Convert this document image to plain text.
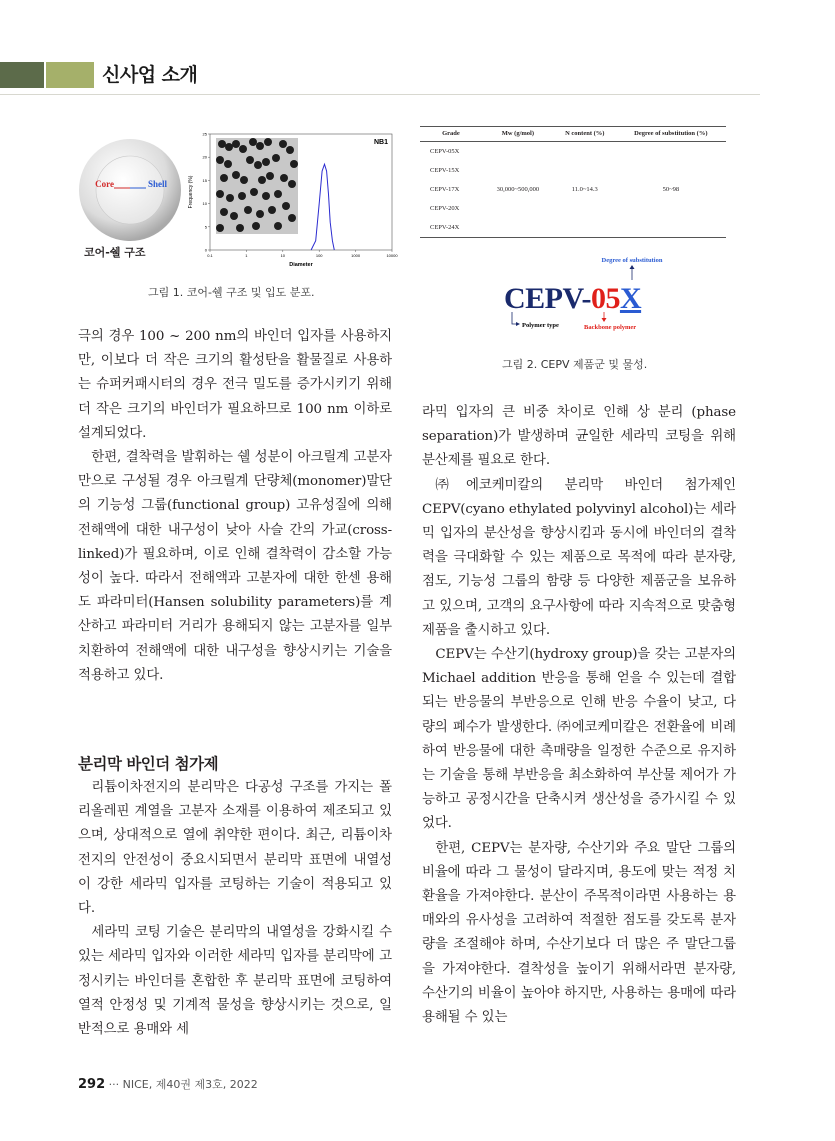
신사업 소개
Core	Shell
코어-쉘 구조
NB1
0.1	1	10	100	1000	10000
0
5
10
15
20
25
Diameter
Frequency (%)
그림 1. 코어-쉘 구조 및 입도 분포.
Grade	Mw (g/mol)	N content (%)	Degree of substitution (%)
CEPV-05X			
CEPV-15X			
CEPV-17X	30,000~500,000	11.0~14.3	50~98
CEPV-20X			
CEPV-24X			
Degree of substitution
CEPV-05X
Polymer type	Backbone polymer
그림 2. CEPV 제품군 및 물성.

극의 경우 100 ~ 200 nm의 바인더 입자를 사용하지만, 이보다 더 작은 크기의 활성탄을 활물질로 사용하는 슈퍼커패시터의 경우 전극 밀도를 증가시키기 위해 더 작은 크기의 바인더가 필요하므로 100 nm 이하로 설계되었다.

한편, 결착력을 발휘하는 쉘 성분이 아크릴계 고분자만으로 구성될 경우 아크릴계 단량체(monomer)말단의 기능성 그룹(functional group) 고유성질에 의해 전해액에 대한 내구성이 낮아 사슬 간의 가교(cross-linked)가 필요하며, 이로 인해 결착력이 감소할 가능성이 높다. 따라서 전해액과 고분자에 대한 한센 용해도 파라미터(Hansen solubility parameters)를 계산하고 파라미터 거리가 용해되지 않는 고분자를 일부 치환하여 전해액에 대한 내구성을 향상시키는 기술을 적용하고 있다.

분리막 바인더 첨가제

리튬이차전지의 분리막은 다공성 구조를 가지는 폴리올레핀 계열을 고분자 소재를 이용하여 제조되고 있으며, 상대적으로 열에 취약한 편이다. 최근, 리튬이차전지의 안전성이 중요시되면서 분리막 표면에 내열성이 강한 세라믹 입자를 코팅하는 기술이 적용되고 있다.

세라믹 코팅 기술은 분리막의 내열성을 강화시킬 수 있는 세라믹 입자와 이러한 세라믹 입자를 분리막에 고정시키는 바인더를 혼합한 후 분리막 표면에 코팅하여 열적 안정성 및 기계적 물성을 향상시키는 것으로, 일반적으로 용매와 세

라믹 입자의 큰 비중 차이로 인해 상 분리 (phase separation)가 발생하며 균일한 세라믹 코팅을 위해 분산제를 필요로 한다.

㈜에코케미칼의 분리막 바인더 첨가제인 CEPV(cyano ethylated polyvinyl alcohol)는 세라믹 입자의 분산성을 향상시킴과 동시에 바인더의 결착력을 극대화할 수 있는 제품으로 목적에 따라 분자량, 점도, 기능성 그룹의 함량 등 다양한 제품군을 보유하고 있으며, 고객의 요구사항에 따라 지속적으로 맞춤형 제품을 출시하고 있다.

CEPV는 수산기(hydroxy group)을 갖는 고분자의 Michael addition 반응을 통해 얻을 수 있는데 결합되는 반응물의 부반응으로 인해 반응 수율이 낮고, 다량의 폐수가 발생한다. ㈜에코케미칼은 전환율에 비례하여 반응물에 대한 촉매량을 일정한 수준으로 유지하는 기술을 통해 부반응을 최소화하여 부산물 제어가 가능하고 공정시간을 단축시켜 생산성을 증가시킬 수 있었다.

한편, CEPV는 분자량, 수산기와 주요 말단 그룹의 비율에 따라 그 물성이 달라지며, 용도에 맞는 적정 치환율을 가져야한다. 분산이 주목적이라면 사용하는 용매와의 유사성을 고려하여 적절한 점도를 갖도록 분자량을 조절해야 하며, 수산기보다 더 많은 주 말단그룹을 가져야한다. 결착성을 높이기 위해서라면 분자량, 수산기의 비율이 높아야 하지만, 사용하는 용매에 따라 용해될 수 있는

292 ··· NICE, 제40권 제3호, 2022
